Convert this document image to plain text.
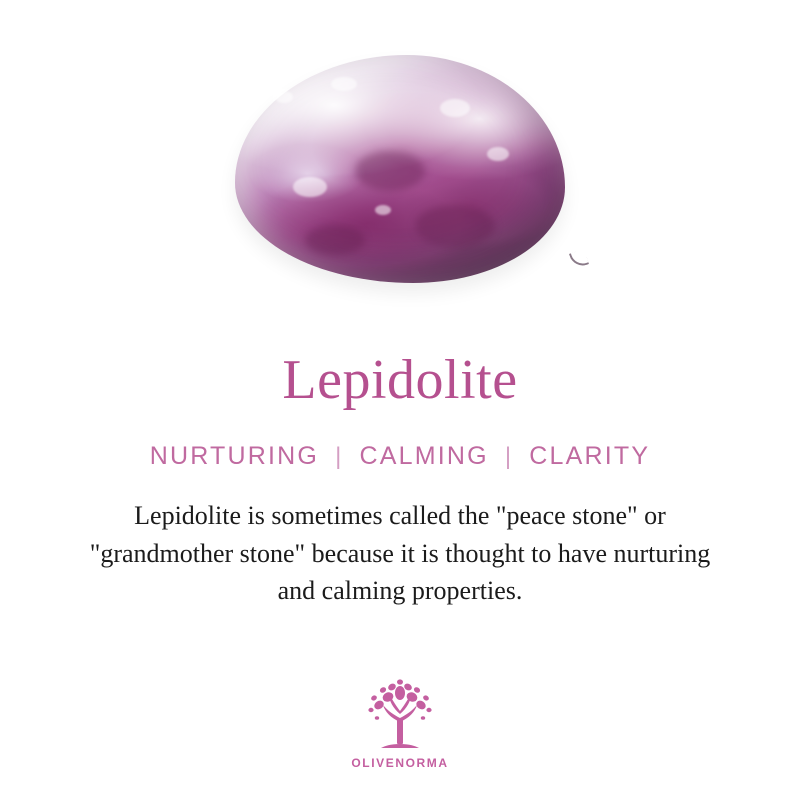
Lepidolite
NURTURING | CALMING | CLARITY
Lepidolite is sometimes called the "peace stone" or "grandmother stone" because it is thought to have nurturing and calming properties.
OLIVENORMA
